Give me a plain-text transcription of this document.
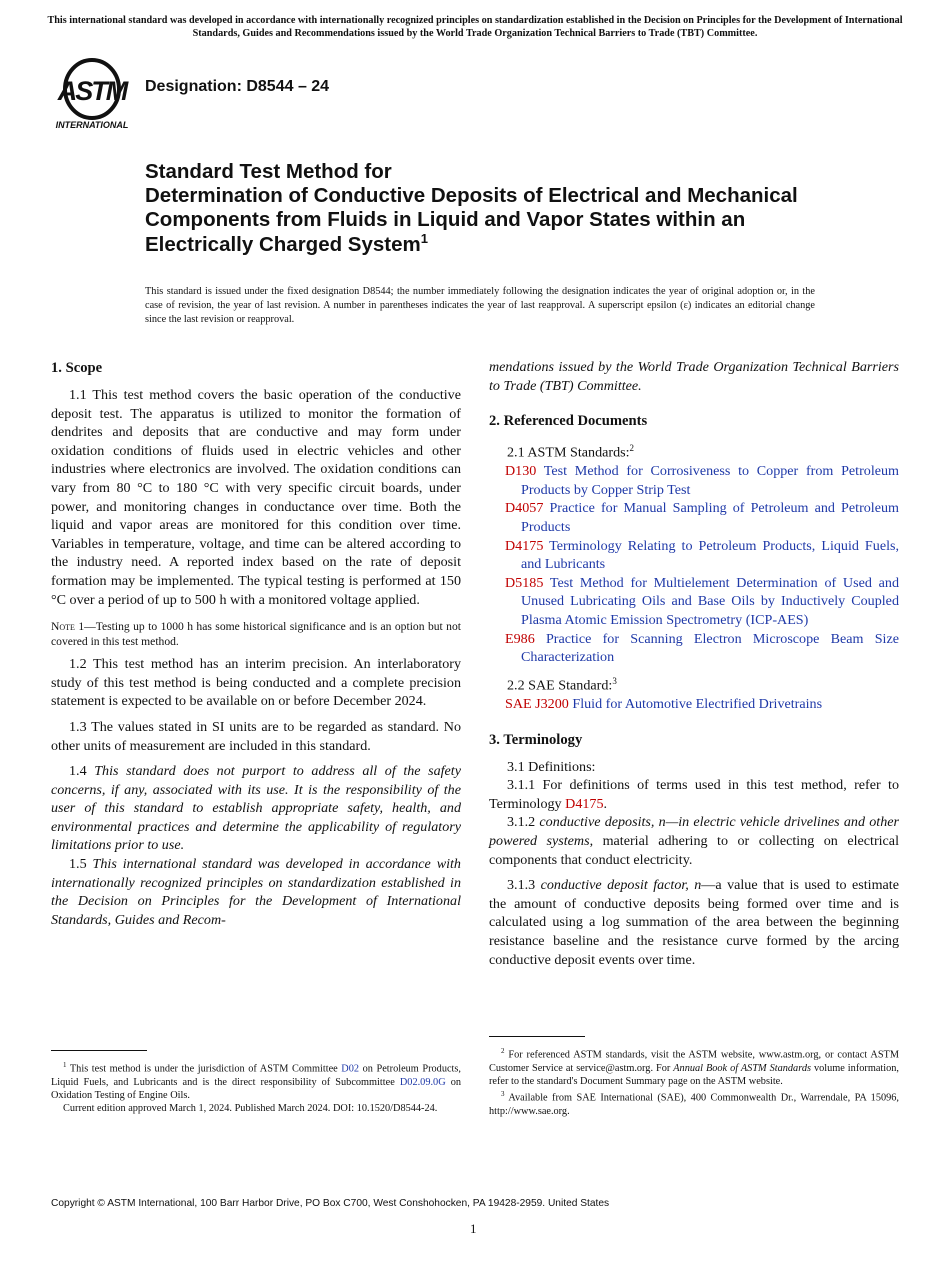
This international standard was developed in accordance with internationally recognized principles on standardization established in the Decision on Principles for the Development of International Standards, Guides and Recommendations issued by the World Trade Organization Technical Barriers to Trade (TBT) Committee.
ASTM
INTERNATIONAL
Designation: D8544 – 24
Standard Test Method for
Determination of Conductive Deposits of Electrical and Mechanical Components from Fluids in Liquid and Vapor States within an Electrically Charged System$^1$
This standard is issued under the fixed designation D8544; the number immediately following the designation indicates the year of original adoption or, in the case of revision, the year of last revision. A number in parentheses indicates the year of last reapproval. A superscript epsilon (ε) indicates an editorial change since the last revision or reapproval.
1. Scope

1.1 This test method covers the basic operation of the conductive deposit test. The apparatus is utilized to monitor the formation of dendrites and deposits that are conductive and may form under oxidation conditions of fluids used in electric vehicles and other industries where electronics are involved. The oxidation conditions can vary from 80 °C to 180 °C with very specific circuit boards, under power, and monitoring changes in conductance over time. Both the liquid and vapor areas are monitored for this condition over time. Variables in temperature, voltage, and time can be altered according to the industry need. A reported index based on the rate of deposit formation may be implemented. The typical testing is performed at 150 °C over a period of up to 500 h with a monitored voltage applied.

Note 1—Testing up to 1000 h has some historical significance and is an option but not covered in this test method.

1.2 This test method has an interim precision. An interlaboratory study of this test method is being conducted and a complete precision statement is expected to be available on or before December 2024.

1.3 The values stated in SI units are to be regarded as standard. No other units of measurement are included in this standard.

1.4 This standard does not purport to address all of the safety concerns, if any, associated with its use. It is the responsibility of the user of this standard to establish appropriate safety, health, and environmental practices and determine the applicability of regulatory limitations prior to use.

1.5 This international standard was developed in accordance with internationally recognized principles on standardization established in the Decision on Principles for the Development of International Standards, Guides and Recom-

2. Referenced Documents

2.1 ASTM Standards:$^2$

D130 Test Method for Corrosiveness to Copper from Petroleum Products by Copper Strip Test

D4057 Practice for Manual Sampling of Petroleum and Petroleum Products

D4175 Terminology Relating to Petroleum Products, Liquid Fuels, and Lubricants

D5185 Test Method for Multielement Determination of Used and Unused Lubricating Oils and Base Oils by Inductively Coupled Plasma Atomic Emission Spectrometry (ICP-AES)

E986 Practice for Scanning Electron Microscope Beam Size Characterization

2.2 SAE Standard:$^3$

SAE J3200 Fluid for Automotive Electrified Drivetrains

3. Terminology

3.1 Definitions:

3.1.1 For definitions of terms used in this test method, refer to Terminology D4175.

3.1.2 conductive deposits, n—in electric vehicle drivelines and other powered systems, material adhering to or collecting on electrical components that conduct electricity.

3.1.3 conductive deposit factor, n—a value that is used to estimate the amount of conductive deposits being formed over time and is calculated using a log summation of the area between the beginning resistance baseline and the resistance curve formed by the arcing conductive deposit events over time.

$^1$ This test method is under the jurisdiction of ASTM Committee D02 on Petroleum Products, Liquid Fuels, and Lubricants and is the direct responsibility of Subcommittee D02.09.0G on Oxidation Testing of Engine Oils.

Current edition approved March 1, 2024. Published March 2024. DOI: 10.1520/D8544-24.

$^2$ For referenced ASTM standards, visit the ASTM website, www.astm.org, or contact ASTM Customer Service at service@astm.org. For Annual Book of ASTM Standards volume information, refer to the standard's Document Summary page on the ASTM website.

$^3$ Available from SAE International (SAE), 400 Commonwealth Dr., Warrendale, PA 15096, http://www.sae.org.

mendations issued by the World Trade Organization Technical Barriers to Trade (TBT) Committee.

Copyright © ASTM International, 100 Barr Harbor Drive, PO Box C700, West Conshohocken, PA 19428-2959. United States
1
